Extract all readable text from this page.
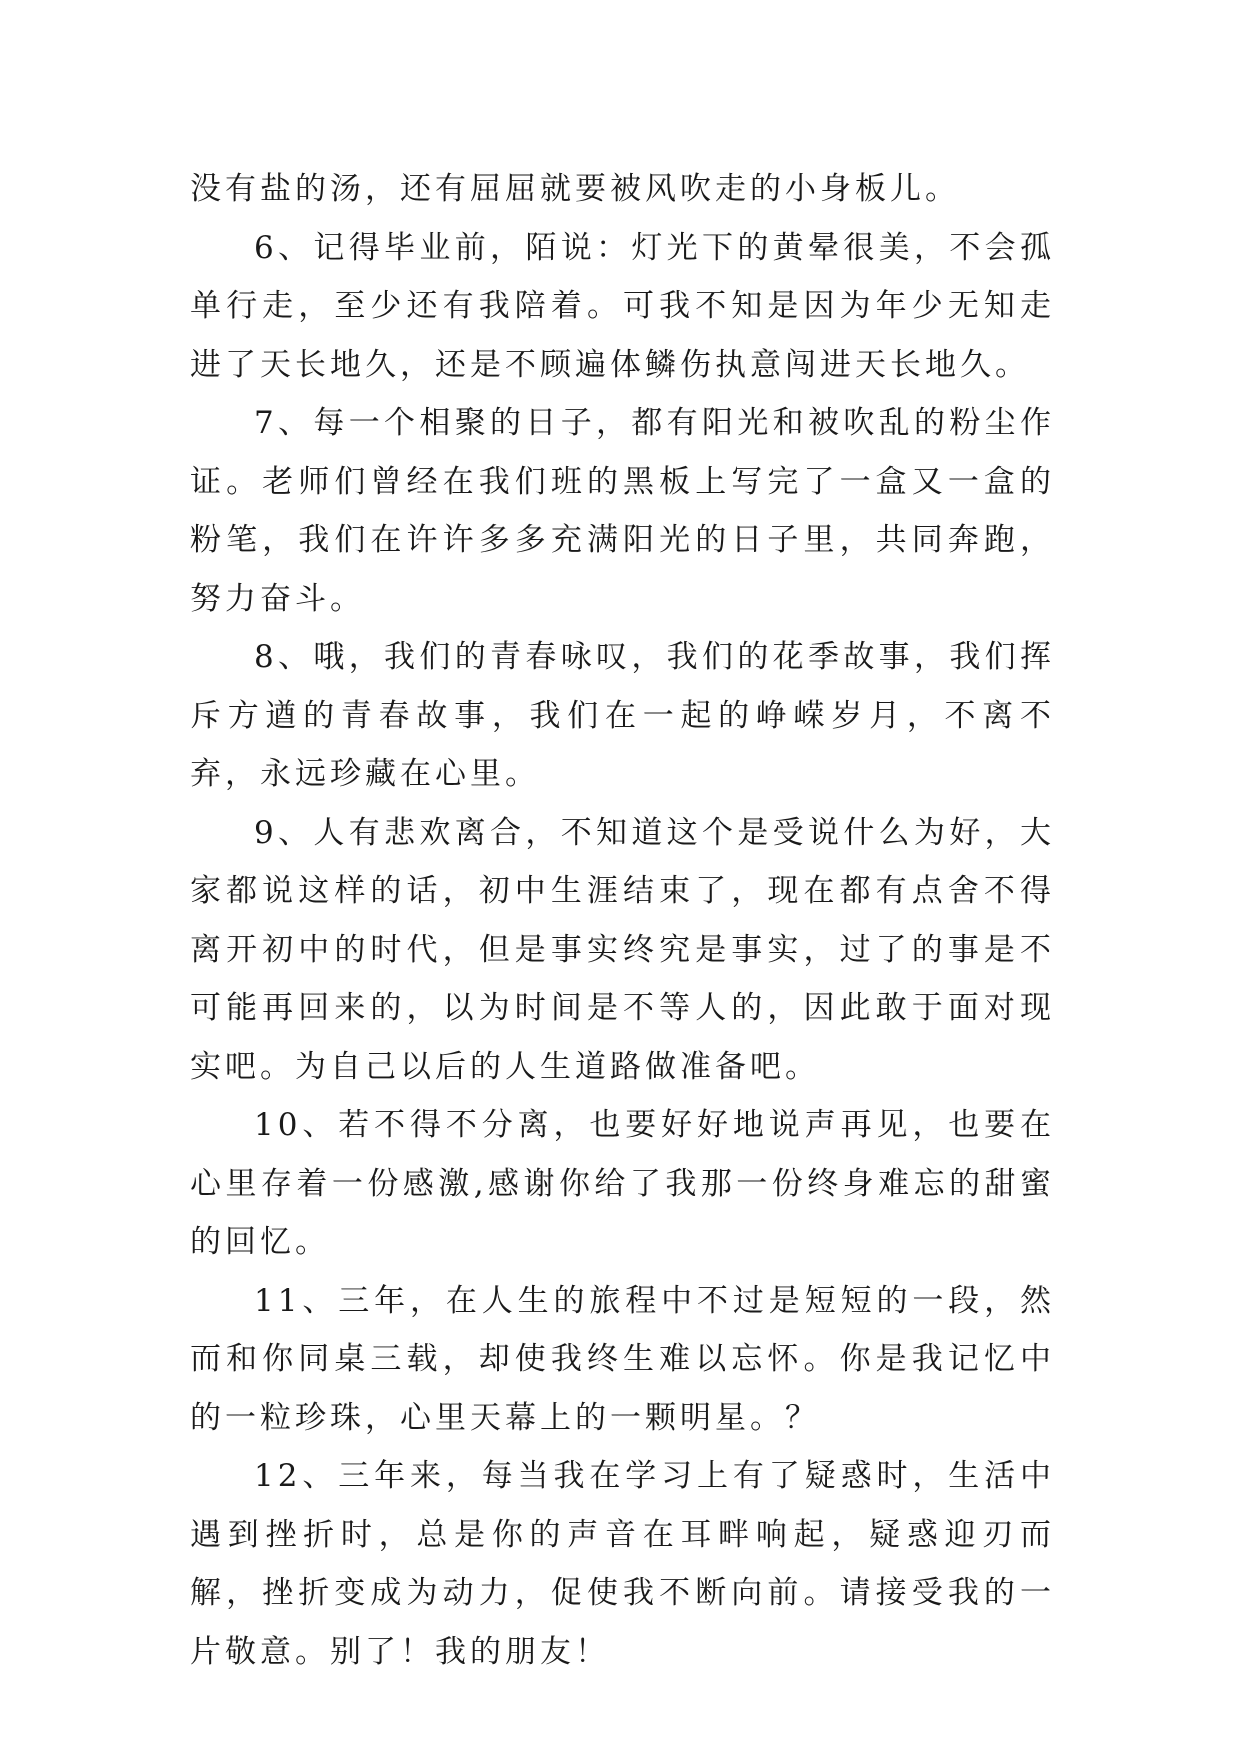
没有盐的汤，还有屈屈就要被风吹走的小身板儿。

6、记得毕业前，陌说：灯光下的黄晕很美，不会孤单行走，至少还有我陪着。可我不知是因为年少无知走进了天长地久，还是不顾遍体鳞伤执意闯进天长地久。

7、每一个相聚的日子，都有阳光和被吹乱的粉尘作证。老师们曾经在我们班的黑板上写完了一盒又一盒的粉笔，我们在许许多多充满阳光的日子里，共同奔跑，努力奋斗。

8、哦，我们的青春咏叹，我们的花季故事，我们挥斥方遒的青春故事，我们在一起的峥嵘岁月，不离不弃，永远珍藏在心里。

9、人有悲欢离合，不知道这个是受说什么为好，大家都说这样的话，初中生涯结束了，现在都有点舍不得离开初中的时代，但是事实终究是事实，过了的事是不可能再回来的，以为时间是不等人的，因此敢于面对现实吧。为自己以后的人生道路做准备吧。

10、若不得不分离，也要好好地说声再见，也要在心里存着一份感激,感谢你给了我那一份终身难忘的甜蜜的回忆。

11、三年，在人生的旅程中不过是短短的一段，然而和你同桌三载，却使我终生难以忘怀。你是我记忆中的一粒珍珠，心里天幕上的一颗明星。？

12、三年来，每当我在学习上有了疑惑时，生活中遇到挫折时，总是你的声音在耳畔响起，疑惑迎刃而解，挫折变成为动力，促使我不断向前。请接受我的一片敬意。别了！我的朋友！
